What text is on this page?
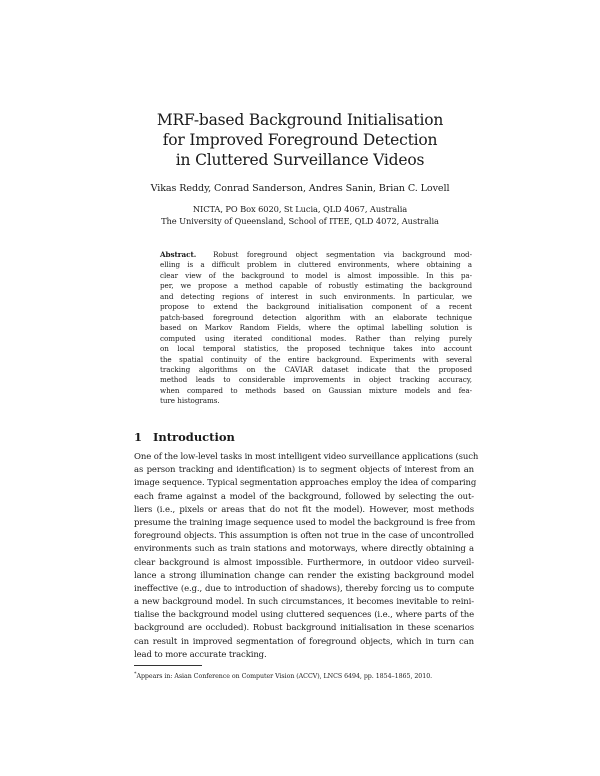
MRF-based Background Initialisation
for Improved Foreground Detection
in Cluttered Surveillance Videos

Vikas Reddy, Conrad Sanderson, Andres Sanin, Brian C. Lovell

NICTA, PO Box 6020, St Lucia, QLD 4067, Australia
The University of Queensland, School of ITEE, QLD 4072, Australia

Abstract. Robust foreground object segmentation via background mod-
elling is a difficult problem in cluttered environments, where obtaining a
clear view of the background to model is almost impossible. In this pa-
per, we propose a method capable of robustly estimating the background
and detecting regions of interest in such environments. In particular, we
propose to extend the background initialisation component of a recent
patch-based foreground detection algorithm with an elaborate technique
based on Markov Random Fields, where the optimal labelling solution is
computed using iterated conditional modes. Rather than relying purely
on local temporal statistics, the proposed technique takes into account
the spatial continuity of the entire background. Experiments with several
tracking algorithms on the CAVIAR dataset indicate that the proposed
method leads to considerable improvements in object tracking accuracy,
when compared to methods based on Gaussian mixture models and fea-
ture histograms.
1 Introduction
One of the low-level tasks in most intelligent video surveillance applications (such
as person tracking and identification) is to segment objects of interest from an
image sequence. Typical segmentation approaches employ the idea of comparing
each frame against a model of the background, followed by selecting the out-
liers (i.e., pixels or areas that do not fit the model). However, most methods
presume the training image sequence used to model the background is free from
foreground objects. This assumption is often not true in the case of uncontrolled
environments such as train stations and motorways, where directly obtaining a
clear background is almost impossible. Furthermore, in outdoor video surveil-
lance a strong illumination change can render the existing background model
ineffective (e.g., due to introduction of shadows), thereby forcing us to compute
a new background model. In such circumstances, it becomes inevitable to reini-
tialise the background model using cluttered sequences (i.e., where parts of the
background are occluded). Robust background initialisation in these scenarios
can result in improved segmentation of foreground objects, which in turn can
lead to more accurate tracking.

*Appears in: Asian Conference on Computer Vision (ACCV), LNCS 6494, pp. 1854–1865, 2010.
